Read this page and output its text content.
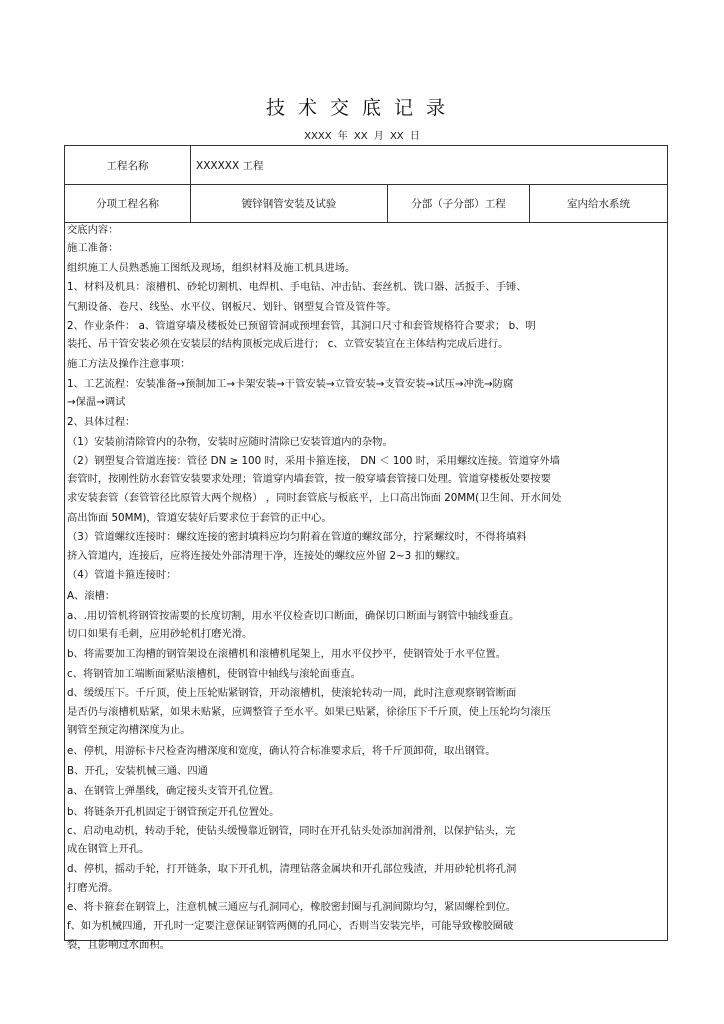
技术交底记录
XXXX 年 XX 月 XX 日
工程名称	XXXXXX 工程
分项工程名称	镀锌钢管安装及试验	分部（子分部）工程	室内给水系统
交底内容：
施工准备：
组织施工人员熟悉施工图纸及现场，组织材料及施工机具进场。
1、材料及机具：滚槽机、砂轮切割机、电焊机、手电钻、冲击钻、套丝机、铣口器、活扳手、手锤、
气割设备、卷尺、线坠、水平仪、钢板尺、划针、钢塑复合管及管件等。
2、作业条件： a、管道穿墙及楼板处已预留管洞或预埋套管，其洞口尺寸和套管规格符合要求； b、明
装托、吊干管安装必须在安装层的结构顶板完成后进行； c、立管安装宜在主体结构完成后进行。
施工方法及操作注意事项：
1、工艺流程：安装准备→预制加工→卡架安装→干管安装→立管安装→支管安装→试压→冲洗→防腐
→保温→调试
2、具体过程：
（1）安装前清除管内的杂物，安装时应随时清除已安装管道内的杂物。
（2）钢塑复合管道连接：管径 DN ≥ 100 时，采用卡箍连接， DN ＜ 100 时，采用螺纹连接。管道穿外墙
套管时，按刚性防水套管安装要求处理；管道穿内墙套管，按一般穿墙套管接口处理。管道穿楼板处要按要
求安装套管（套管管径比原管大两个规格） ，同时套管底与板底平，上口高出饰面 20MM(卫生间、开水间处
高出饰面 50MM)，管道安装好后要求位于套管的正中心。
（3）管道螺纹连接时：螺纹连接的密封填料应均匀附着在管道的螺纹部分，拧紧螺纹时，不得将填料
挤入管道内，连接后，应将连接处外部清理干净，连接处的螺纹应外留 2~3 扣的螺纹。
（4）管道卡箍连接时：
A、滚槽：
a、.用切管机将钢管按需要的长度切割，用水平仪检查切口断面，确保切口断面与钢管中轴线垂直。
切口如果有毛刺，应用砂轮机打磨光滑。
b、将需要加工沟槽的钢管架设在滚槽机和滚槽机尾架上，用水平仪抄平，使钢管处于水平位置。
c、将钢管加工端断面紧贴滚槽机，使钢管中轴线与滚轮面垂直。
d、缓缓压下。千斤顶，使上压轮贴紧钢管，开动滚槽机，使滚轮转动一周，此时注意观察钢管断面
是否仍与滚槽机贴紧，如果未贴紧，应调整管子至水平。如果已贴紧，徐徐压下千斤顶，使上压轮均匀滚压
钢管至预定沟槽深度为止。
e、停机，用游标卡尺检查沟槽深度和宽度，确认符合标准要求后，将千斤顶卸荷，取出钢管。
B、开孔，安装机械三通、四通
a、在钢管上弹墨线，确定接头支管开孔位置。
b、将链条开孔机固定于钢管预定开孔位置处。
c、启动电动机，转动手轮，使钻头缓慢靠近钢管，同时在开孔钻头处添加润滑剂，以保护钻头，完
成在钢管上开孔。
d、停机，摇动手轮，打开链条，取下开孔机，清理钻落金属块和开孔部位残渣，并用砂轮机将孔洞
打磨光滑。
e、将卡箍套在钢管上，注意机械三通应与孔洞同心，橡胶密封圈与孔洞间隙均匀，紧固螺栓到位。
f、如为机械四通，开孔时一定要注意保证钢管两侧的孔同心，否则当安装完毕，可能导致橡胶圈破
裂，且影响过水面积。
